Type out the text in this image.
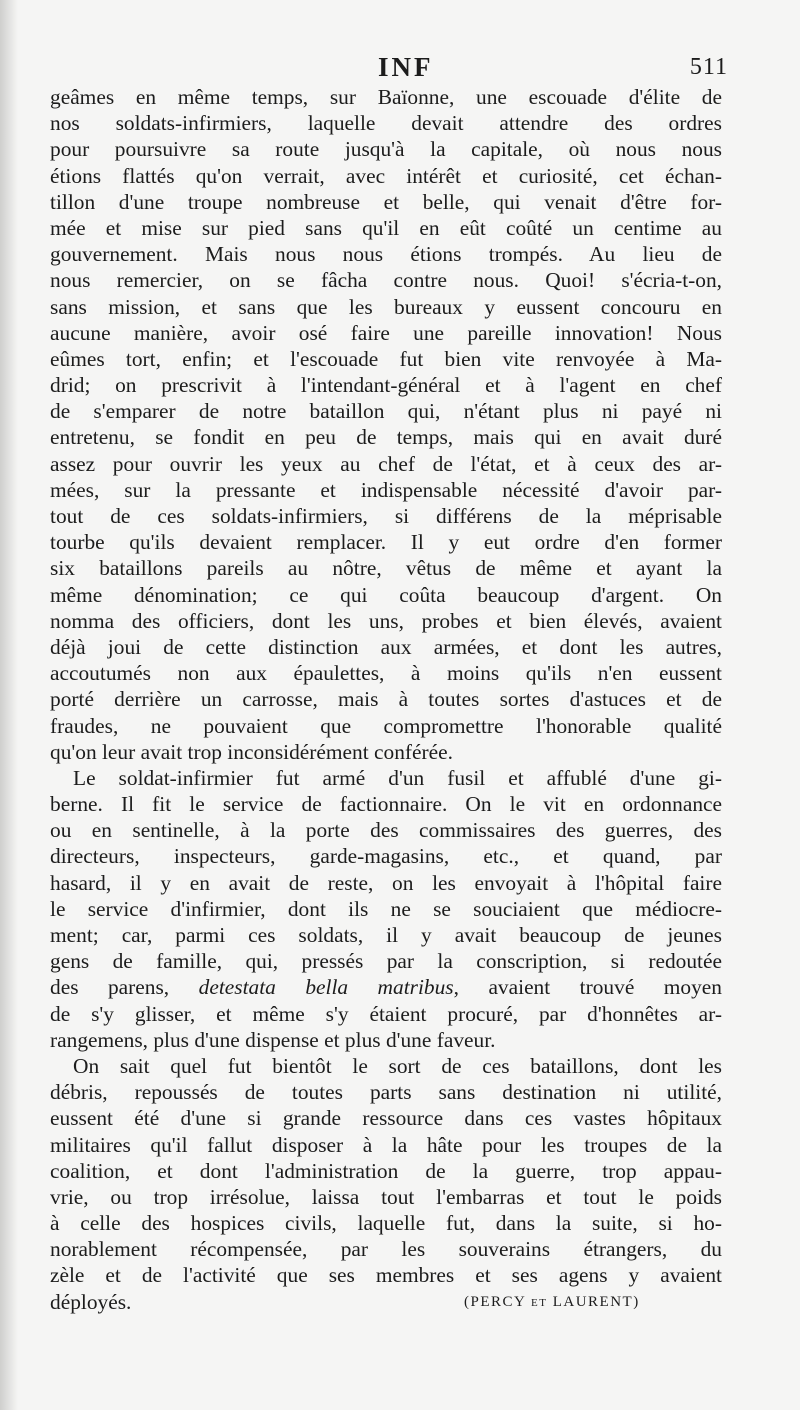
INF	511
geâmes en même temps, sur Baïonne, une escouade d'élite de
nos soldats-infirmiers, laquelle devait attendre des ordres
pour poursuivre sa route jusqu'à la capitale, où nous nous
étions flattés qu'on verrait, avec intérêt et curiosité, cet échan-
tillon d'une troupe nombreuse et belle, qui venait d'être for-
mée et mise sur pied sans qu'il en eût coûté un centime au
gouvernement. Mais nous nous étions trompés. Au lieu de
nous remercier, on se fâcha contre nous. Quoi! s'écria-t-on,
sans mission, et sans que les bureaux y eussent concouru en
aucune manière, avoir osé faire une pareille innovation! Nous
eûmes tort, enfin; et l'escouade fut bien vite renvoyée à Ma-
drid; on prescrivit à l'intendant-général et à l'agent en chef
de s'emparer de notre bataillon qui, n'étant plus ni payé ni
entretenu, se fondit en peu de temps, mais qui en avait duré
assez pour ouvrir les yeux au chef de l'état, et à ceux des ar-
mées, sur la pressante et indispensable nécessité d'avoir par-
tout de ces soldats-infirmiers, si différens de la méprisable
tourbe qu'ils devaient remplacer. Il y eut ordre d'en former
six bataillons pareils au nôtre, vêtus de même et ayant la
même dénomination; ce qui coûta beaucoup d'argent. On
nomma des officiers, dont les uns, probes et bien élevés, avaient
déjà joui de cette distinction aux armées, et dont les autres,
accoutumés non aux épaulettes, à moins qu'ils n'en eussent
porté derrière un carrosse, mais à toutes sortes d'astuces et de
fraudes, ne pouvaient que compromettre l'honorable qualité
qu'on leur avait trop inconsidérément conférée.
Le soldat-infirmier fut armé d'un fusil et affublé d'une gi-
berne. Il fit le service de factionnaire. On le vit en ordonnance
ou en sentinelle, à la porte des commissaires des guerres, des
directeurs, inspecteurs, garde-magasins, etc., et quand, par
hasard, il y en avait de reste, on les envoyait à l'hôpital faire
le service d'infirmier, dont ils ne se souciaient que médiocre-
ment; car, parmi ces soldats, il y avait beaucoup de jeunes
gens de famille, qui, pressés par la conscription, si redoutée
des parens, detestata bella matribus, avaient trouvé moyen
de s'y glisser, et même s'y étaient procuré, par d'honnêtes ar-
rangemens, plus d'une dispense et plus d'une faveur.
On sait quel fut bientôt le sort de ces bataillons, dont les
débris, repoussés de toutes parts sans destination ni utilité,
eussent été d'une si grande ressource dans ces vastes hôpitaux
militaires qu'il fallut disposer à la hâte pour les troupes de la
coalition, et dont l'administration de la guerre, trop appau-
vrie, ou trop irrésolue, laissa tout l'embarras et tout le poids
à celle des hospices civils, laquelle fut, dans la suite, si ho-
norablement récompensée, par les souverains étrangers, du
zèle et de l'activité que ses membres et ses agens y avaient
déployés.	(PERCY et LAURENT)
